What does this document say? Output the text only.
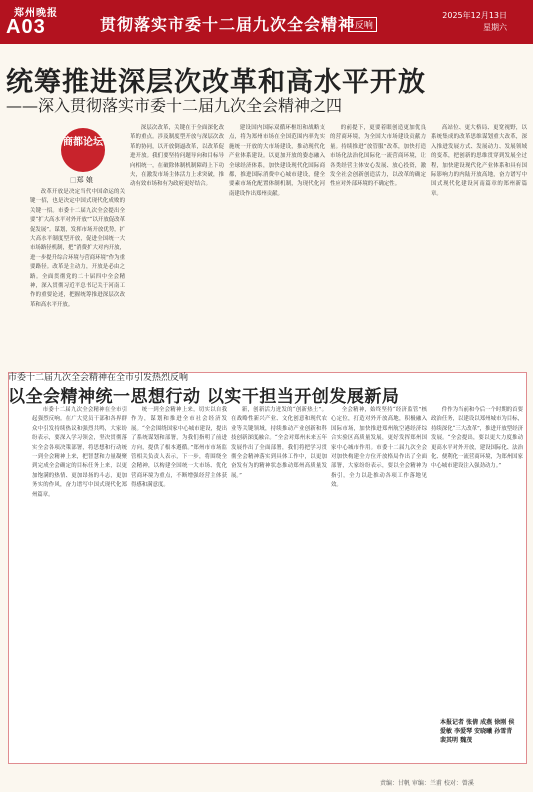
郑州晚报
A03	贯彻落实市委十二届九次全会精神
·反响
2025年12月13日
星期六
统筹推进深层次改革和高水平开放
——深入贯彻落实市委十二届九次全会精神之四
商都论坛
□郑 娘

改革开放是决定当代中国命运的关键一招，也是决定中国式现代化成败的关键一招。市委十二届九次全会提出全要“扩大高水平对外开放”“以开放促改革促发展”。谋划，发挥市场开放优势，扩大高水平制度型开放，促进全国统一大市场路径机制，把“消费扩大对内开放，进一步提升综合环境与营商环境”作为重要路径。改革是主动力，开放是必由之路。全面贯彻党的二十届四中全会精神，深入贯彻习近平总书记关于河南工作的重要论述，把握统筹推进深层次改革和高水平开放。

深层次改革，关键在于全面深化改革的重点。涉及制度型开放与深层次改革的协同，以开放倒逼改革，以改革促进开放。我们要坚持问题导向和目标导向相统一，在破除体制机制障碍上下功夫，在激发市场主体活力上求突破，推动有效市场和有为政府更好结合。

建设国内国际双循环枢纽和战略支点，将为郑州市场在全国范围内率先实施统一开放的大市场建设，推动现代化产业体系建设。以更加开放的姿态融入全球经济体系，加快建设现代化国际商都，推进国际消费中心城市建设，健全要素市场化配置体制机制，为现代化河南建设作出郑州贡献。

的前提下，更要着眼创造更加优良的营商环境，为全国大市场建设贡献力量。持续推进“放管服”改革，加快打造市场化法治化国际化一流营商环境，让各类经营主体安心发展、放心投资，激发全社会创新创造活力，以改革的确定性应对外部环境的不确定性。

高站位、更大格局、更宽视野，以系统集成的改革思维谋划重大改革，深入推进发展方式、发展动力、发展领域的变革，把创新的思维贯穿到发展全过程，加快建设现代化产业体系和具有国际影响力的内陆开放高地，奋力谱写中国式现代化建设河南篇章的郑州新篇章。

市委十二届九次全会精神在全市引发热烈反响
以全会精神统一思想行动 以实干担当开创发展新局

市委十二届九次全会精神在全市引起强烈反响。在广大党员干部和各界群众中引发持续热议和强烈共鸣，大家纷纷表示，要深入学习领会，坚决贯彻落实全会各项决策部署，将思想和行动统一到全会精神上来，把智慧和力量凝聚到完成全会确定的目标任务上来，以更加饱满的热情、更加昂扬的斗志，更加务实的作风，奋力谱写中国式现代化郑州篇章。

统一到全会精神上来，切实以自我作为，谋划和推进全市社会经济发展。“全会围绕国家中心城市建设，提出了系统谋划和部署，为我们指明了前进方向，提供了根本遵循。”郑州市市场监管相关负责人表示，下一步，将围绕全会精神，以构建全国统一大市场、优化营商环境为重点，不断增强经营主体获得感和满意度。

新，创新活力迸发的“创新热土”。在战略性新兴产业、文化创意和现代农业等关键领域，持续推动产业创新和科技创新深度融合。“全会对郑州未来五年发展作出了全面部署，我们将把学习贯彻全会精神落实到具体工作中，以更加奋发有为的精神状态推动郑州高质量发展。”

全会精神，始终坚持“经济监管”核心定位，打造对外开放高地，积极融入国际市场，加快推进郑州航空港经济综合实验区高质量发展，更好发挥郑州国家中心城市作用。市委十二届九次全会对加快构建全方位开放格局作出了全面部署，大家纷纷表示，要以全会精神为指引，全力以赴推动各项工作落地见效。

件作为当前和今后一个时期的首要政治任务，以建设以郑州城市为目标，持续深化“三大改革”，推进开放型经济发展。“全会提出，要以更大力度推动更高水平对外开放，建设国际化、法治化、便利化一流营商环境，为郑州国家中心城市建设注入强劲动力。”

本报记者 张倩 成燕 徐刚 侯爱敏 李爱琴 安晓曦 孙雪青 裴其明 魏茂
责编：甘帆 审编：兰甫 校对：曾溪
